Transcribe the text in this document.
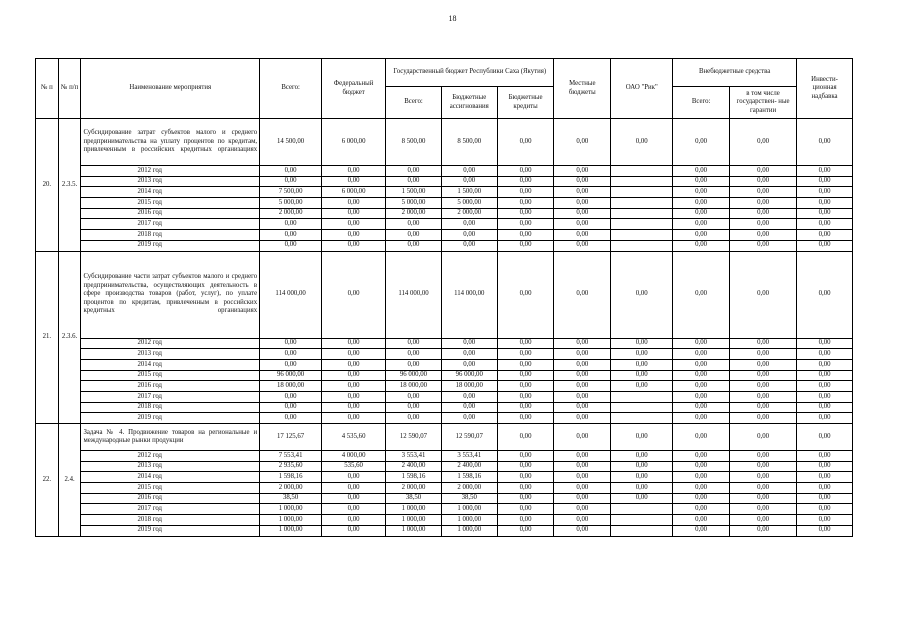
18
№ п	№ п/п	Наименование мероприятия	Всего:	Федеральный бюджет	Государственный бюджет Республики Саха (Якутия)			Местные бюджеты	ОАО "Рик"	Внебюджетные средства		Инвести- ционная надбавка
					Всего:	Бюджетные ассигнования	Бюджетные кредиты			Всего:	в том числе государствен- ные гарантии	
20.	2.3.5.	Субсидирование затрат субъектов малого и среднего предпринимательства на уплату процентов по кредитам, привлеченным в российских кредитных организациях	14 500,00	6 000,00	8 500,00	8 500,00	0,00	0,00	0,00	0,00	0,00	0,00
		2012 год	0,00	0,00	0,00	0,00	0,00	0,00		0,00	0,00	0,00
		2013 год	0,00	0,00	0,00	0,00	0,00	0,00		0,00	0,00	0,00
		2014 год	7 500,00	6 000,00	1 500,00	1 500,00	0,00	0,00		0,00	0,00	0,00
		2015 год	5 000,00	0,00	5 000,00	5 000,00	0,00	0,00		0,00	0,00	0,00
		2016 год	2 000,00	0,00	2 000,00	2 000,00	0,00	0,00		0,00	0,00	0,00
		2017 год	0,00	0,00	0,00	0,00	0,00	0,00		0,00	0,00	0,00
		2018 год	0,00	0,00	0,00	0,00	0,00	0,00		0,00	0,00	0,00
		2019 год	0,00	0,00	0,00	0,00	0,00	0,00		0,00	0,00	0,00
21.	2.3.6.	Субсидирование части затрат субъектов малого и среднего предпринимательства, осуществляющих деятельность в сфере производства товаров (работ, услуг), по уплате процентов по кредитам, привлеченным в российских кредитных организациях	114 000,00	0,00	114 000,00	114 000,00	0,00	0,00	0,00	0,00	0,00	0,00
		2012 год	0,00	0,00	0,00	0,00	0,00	0,00	0,00	0,00	0,00	0,00
		2013 год	0,00	0,00	0,00	0,00	0,00	0,00	0,00	0,00	0,00	0,00
		2014 год	0,00	0,00	0,00	0,00	0,00	0,00	0,00	0,00	0,00	0,00
		2015 год	96 000,00	0,00	96 000,00	96 000,00	0,00	0,00	0,00	0,00	0,00	0,00
		2016 год	18 000,00	0,00	18 000,00	18 000,00	0,00	0,00	0,00	0,00	0,00	0,00
		2017 год	0,00	0,00	0,00	0,00	0,00	0,00		0,00	0,00	0,00
		2018 год	0,00	0,00	0,00	0,00	0,00	0,00		0,00	0,00	0,00
		2019 год	0,00	0,00	0,00	0,00	0,00	0,00		0,00	0,00	0,00
22.	2.4.	Задача № 4. Продвижение товаров на региональные и международные рынки продукции	17 125,67	4 535,60	12 590,07	12 590,07	0,00	0,00	0,00	0,00	0,00	0,00
		2012 год	7 553,41	4 000,00	3 553,41	3 553,41	0,00	0,00	0,00	0,00	0,00	0,00
		2013 год	2 935,60	535,60	2 400,00	2 400,00	0,00	0,00	0,00	0,00	0,00	0,00
		2014 год	1 598,16	0,00	1 598,16	1 598,16	0,00	0,00	0,00	0,00	0,00	0,00
		2015 год	2 000,00	0,00	2 000,00	2 000,00	0,00	0,00	0,00	0,00	0,00	0,00
		2016 год	38,50	0,00	38,50	38,50	0,00	0,00	0,00	0,00	0,00	0,00
		2017 год	1 000,00	0,00	1 000,00	1 000,00	0,00	0,00		0,00	0,00	0,00
		2018 год	1 000,00	0,00	1 000,00	1 000,00	0,00	0,00		0,00	0,00	0,00
		2019 год	1 000,00	0,00	1 000,00	1 000,00	0,00	0,00		0,00	0,00	0,00
